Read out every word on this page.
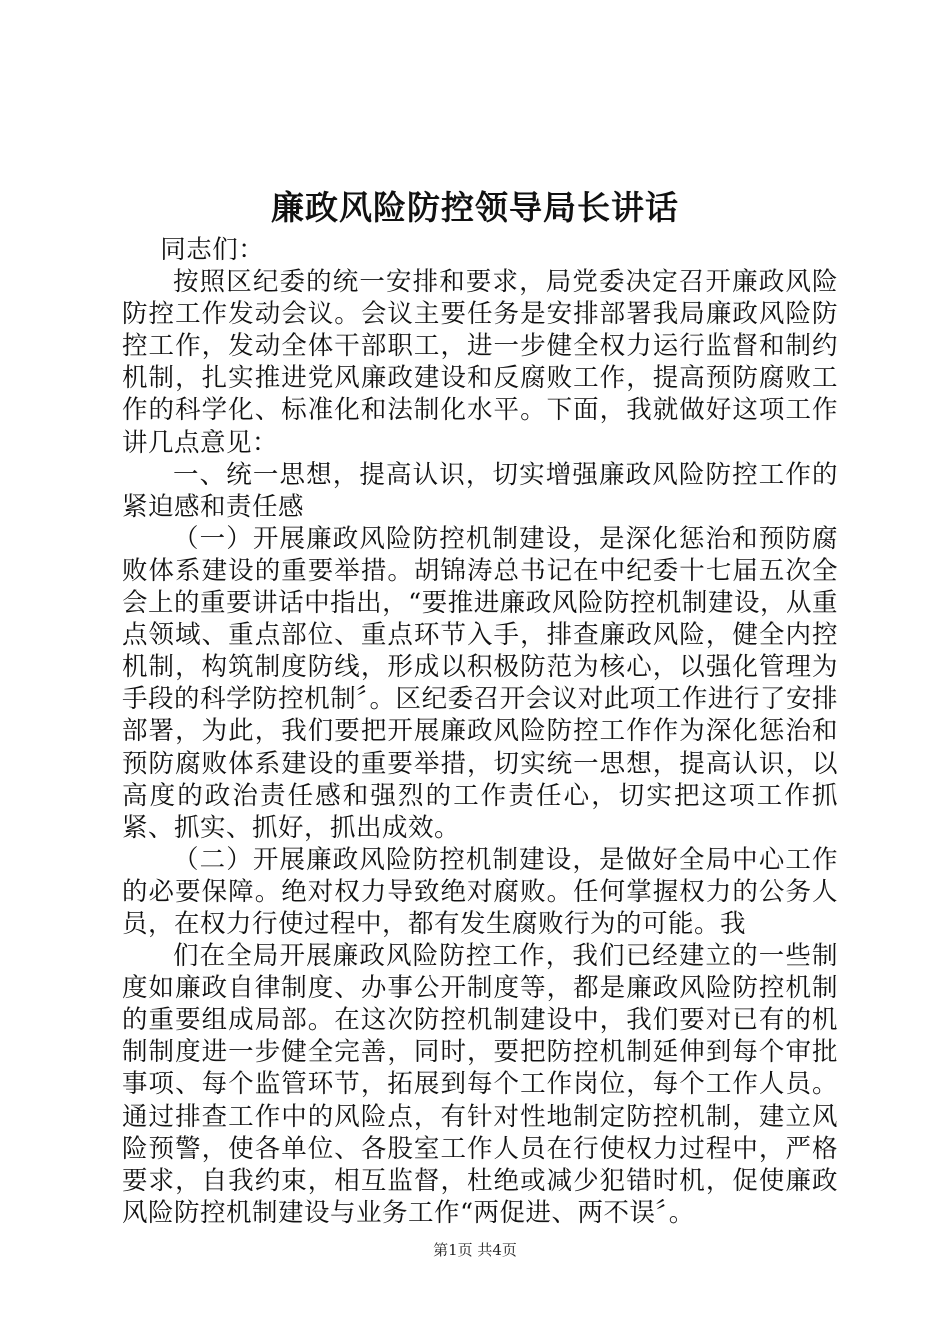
廉政风险防控领导局长讲话

同志们：

按照区纪委的统一安排和要求，局党委决定召开廉政风险防控工作发动会议。会议主要任务是安排部署我局廉政风险防控工作，发动全体干部职工，进一步健全权力运行监督和制约机制，扎实推进党风廉政建设和反腐败工作，提高预防腐败工作的科学化、标准化和法制化水平。下面，我就做好这项工作讲几点意见：

一、统一思想，提高认识，切实增强廉政风险防控工作的紧迫感和责任感

（一）开展廉政风险防控机制建设，是深化惩治和预防腐败体系建设的重要举措。胡锦涛总书记在中纪委十七届五次全会上的重要讲话中指出，“要推进廉政风险防控机制建设，从重点领域、重点部位、重点环节入手，排查廉政风险，健全内控机制，构筑制度防线，形成以积极防范为核心，以强化管理为手段的科学防控机制〞。区纪委召开会议对此项工作进行了安排部署，为此，我们要把开展廉政风险防控工作作为深化惩治和预防腐败体系建设的重要举措，切实统一思想，提高认识，以高度的政治责任感和强烈的工作责任心，切实把这项工作抓紧、抓实、抓好，抓出成效。

（二）开展廉政风险防控机制建设，是做好全局中心工作的必要保障。绝对权力导致绝对腐败。任何掌握权力的公务人员，在权力行使过程中，都有发生腐败行为的可能。我

们在全局开展廉政风险防控工作，我们已经建立的一些制度如廉政自律制度、办事公开制度等，都是廉政风险防控机制的重要组成局部。在这次防控机制建设中，我们要对已有的机制制度进一步健全完善，同时，要把防控机制延伸到每个审批事项、每个监管环节，拓展到每个工作岗位，每个工作人员。通过排查工作中的风险点，有针对性地制定防控机制，建立风险预警，使各单位、各股室工作人员在行使权力过程中，严格要求，自我约束，相互监督，杜绝或减少犯错时机，促使廉政风险防控机制建设与业务工作“两促进、两不误〞。

第1页 共4页
